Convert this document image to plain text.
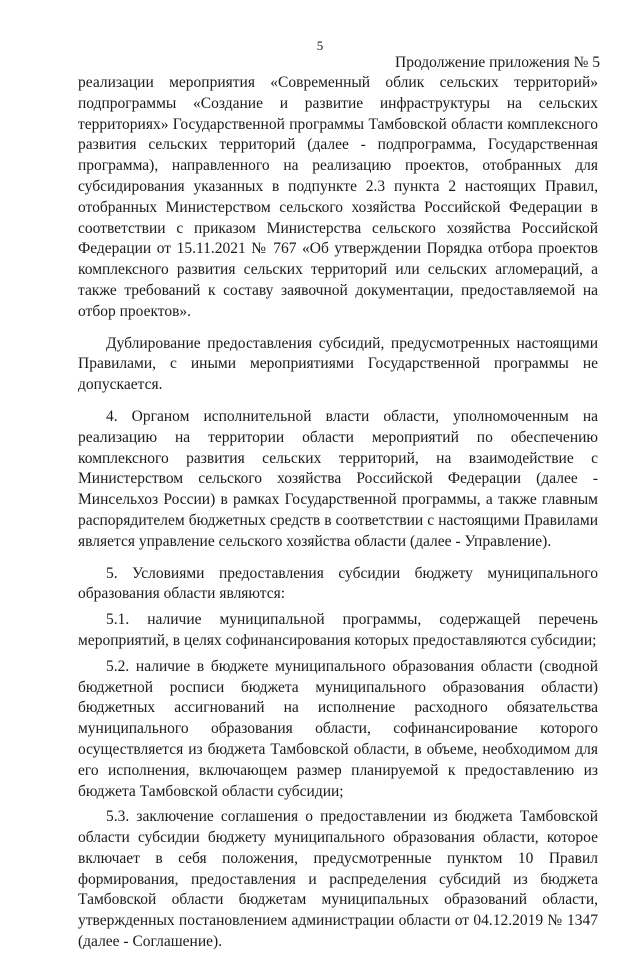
5
Продолжение приложения № 5

реализации мероприятия «Современный облик сельских территорий» подпрограммы «Создание и развитие инфраструктуры на сельских территориях» Государственной программы Тамбовской области комплексного развития сельских территорий (далее - подпрограмма, Государственная программа), направленного на реализацию проектов, отобранных для субсидирования указанных в подпункте 2.3 пункта 2 настоящих Правил, отобранных Министерством сельского хозяйства Российской Федерации в соответствии с приказом Министерства сельского хозяйства Российской Федерации от 15.11.2021 № 767 «Об утверждении Порядка отбора проектов комплексного развития сельских территорий или сельских агломераций, а также требований к составу заявочной документации, предоставляемой на отбор проектов».

Дублирование предоставления субсидий, предусмотренных настоящими Правилами, с иными мероприятиями Государственной программы не допускается.

4. Органом исполнительной власти области, уполномоченным на реализацию на территории области мероприятий по обеспечению комплексного развития сельских территорий, на взаимодействие с Министерством сельского хозяйства Российской Федерации (далее - Минсельхоз России) в рамках Государственной программы, а также главным распорядителем бюджетных средств в соответствии с настоящими Правилами является управление сельского хозяйства области (далее - Управление).

5. Условиями предоставления субсидии бюджету муниципального образования области являются:

5.1. наличие муниципальной программы, содержащей перечень мероприятий, в целях софинансирования которых предоставляются субсидии;

5.2. наличие в бюджете муниципального образования области (сводной бюджетной росписи бюджета муниципального образования области) бюджетных ассигнований на исполнение расходного обязательства муниципального образования области, софинансирование которого осуществляется из бюджета Тамбовской области, в объеме, необходимом для его исполнения, включающем размер планируемой к предоставлению из бюджета Тамбовской области субсидии;

5.3. заключение соглашения о предоставлении из бюджета Тамбовской области субсидии бюджету муниципального образования области, которое включает в себя положения, предусмотренные пунктом 10 Правил формирования, предоставления и распределения субсидий из бюджета Тамбовской области бюджетам муниципальных образований области, утвержденных постановлением администрации области от 04.12.2019 № 1347 (далее - Соглашение).
